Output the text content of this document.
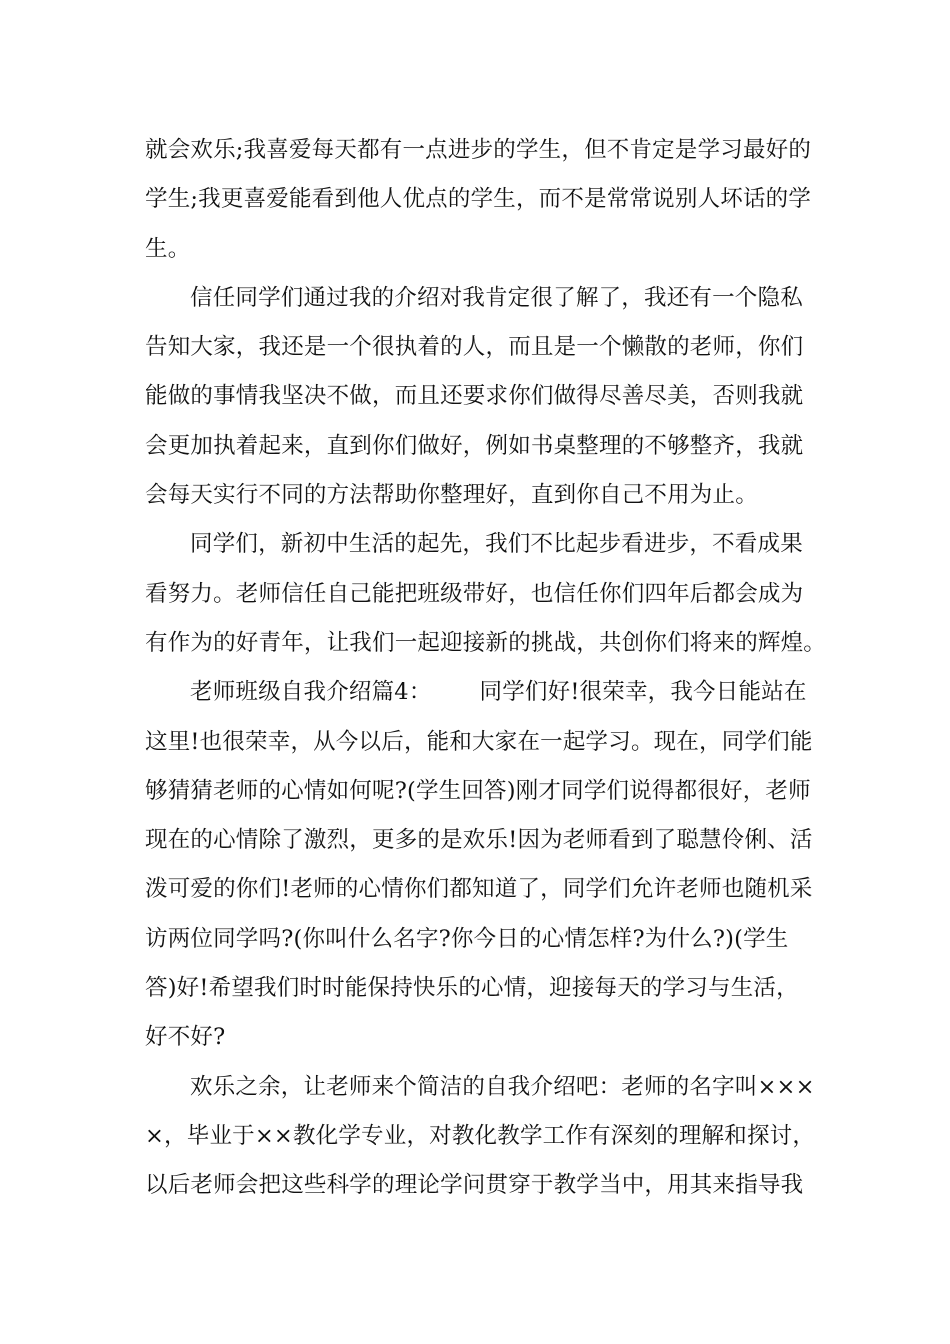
就会欢乐;我喜爱每天都有一点进步的学生，但不肯定是学习最好的
学生;我更喜爱能看到他人优点的学生，而不是常常说别人坏话的学
生。
信任同学们通过我的介绍对我肯定很了解了，我还有一个隐私
告知大家，我还是一个很执着的人，而且是一个懒散的老师，你们
能做的事情我坚决不做，而且还要求你们做得尽善尽美，否则我就
会更加执着起来，直到你们做好，例如书桌整理的不够整齐，我就
会每天实行不同的方法帮助你整理好，直到你自己不用为止。
同学们，新初中生活的起先，我们不比起步看进步，不看成果
看努力。老师信任自己能把班级带好，也信任你们四年后都会成为
有作为的好青年，让我们一起迎接新的挑战，共创你们将来的辉煌。
老师班级自我介绍篇4： 同学们好!很荣幸，我今日能站在
这里!也很荣幸，从今以后，能和大家在一起学习。现在，同学们能
够猜猜老师的心情如何呢?(学生回答)刚才同学们说得都很好，老师
现在的心情除了激烈，更多的是欢乐!因为老师看到了聪慧伶俐、活
泼可爱的你们!老师的心情你们都知道了，同学们允许老师也随机采
访两位同学吗?(你叫什么名字?你今日的心情怎样?为什么?)(学生
答)好!希望我们时时能保持快乐的心情，迎接每天的学习与生活，
好不好?
欢乐之余，让老师来个简洁的自我介绍吧：老师的名字叫×××
×，毕业于××教化学专业，对教化教学工作有深刻的理解和探讨，
以后老师会把这些科学的理论学问贯穿于教学当中，用其来指导我
